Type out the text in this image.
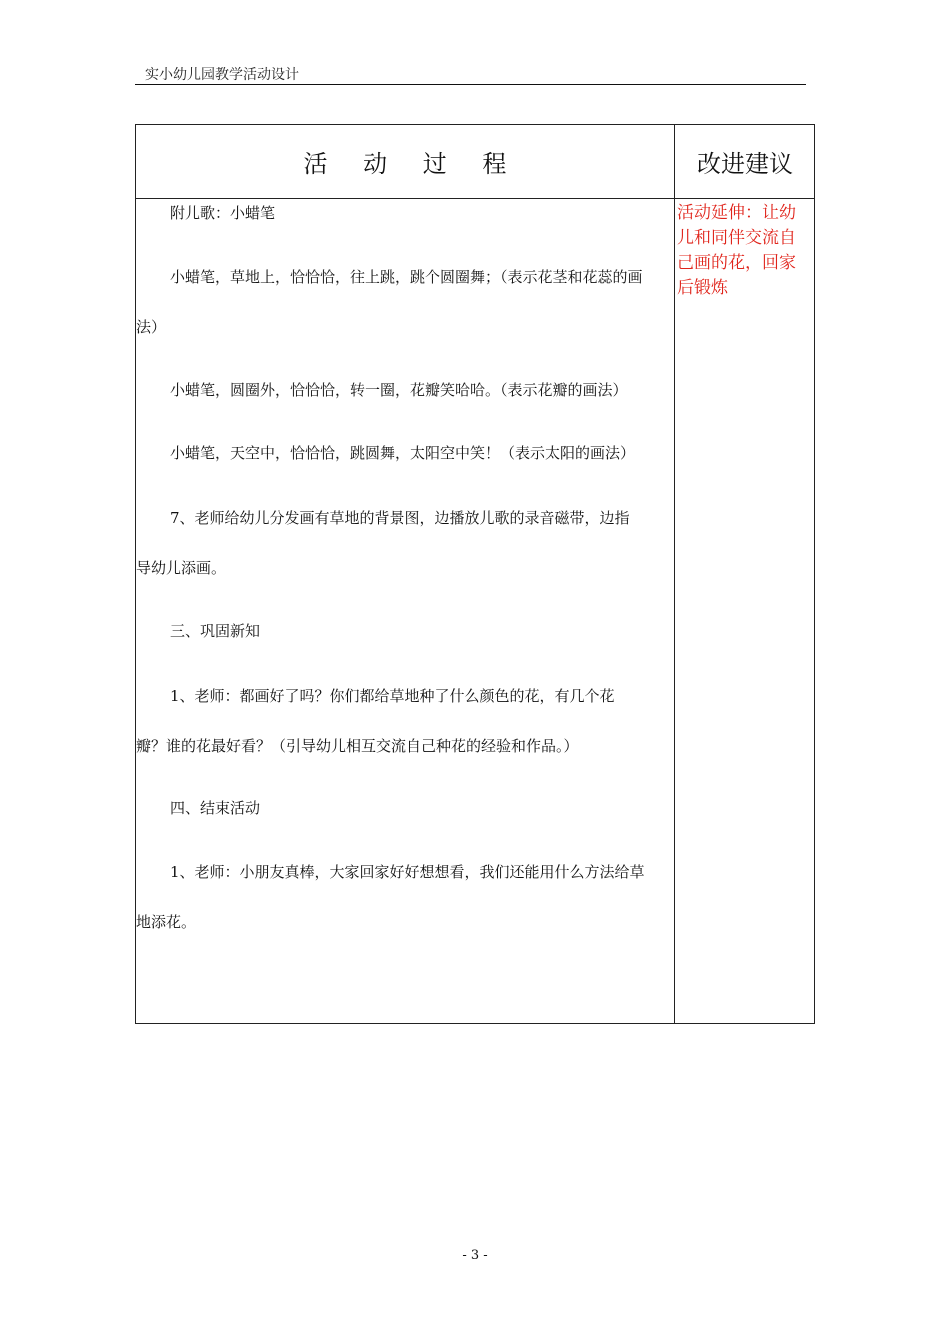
实小幼儿园教学活动设计
活 动 过 程	改进建议
活动延伸：让幼
儿和同伴交流自
己画的花，回家
后锻炼
附儿歌：小蜡笔
小蜡笔，草地上，恰恰恰，往上跳，跳个圆圈舞；（表示花茎和花蕊的画
法）
小蜡笔，圆圈外，恰恰恰，转一圈，花瓣笑哈哈。（表示花瓣的画法）
小蜡笔，天空中，恰恰恰，跳圆舞，太阳空中笑！（表示太阳的画法）
7、老师给幼儿分发画有草地的背景图，边播放儿歌的录音磁带，边指
导幼儿添画。
三、巩固新知
1、老师：都画好了吗？你们都给草地种了什么颜色的花，有几个花
瓣？谁的花最好看？（引导幼儿相互交流自己种花的经验和作品。）
四、结束活动
1、老师：小朋友真棒，大家回家好好想想看，我们还能用什么方法给草
地添花。
- 3 -
